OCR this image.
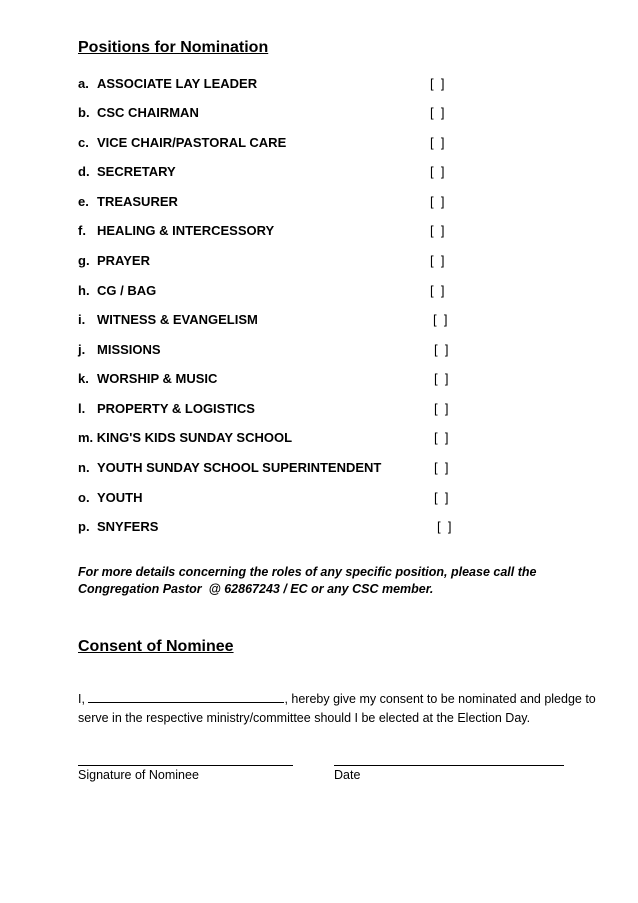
Positions for Nomination
a. ASSOCIATE LAY LEADER	[  ]
b. CSC CHAIRMAN	[  ]
c. VICE CHAIR/PASTORAL CARE	[  ]
d. SECRETARY	[  ]
e. TREASURER	[  ]
f. HEALING & INTERCESSORY	[  ]
g. PRAYER	[  ]
h. CG / BAG	[  ]
i. WITNESS & EVANGELISM	[  ]
j. MISSIONS	[  ]
k. WORSHIP & MUSIC	[  ]
l. PROPERTY & LOGISTICS	[  ]
m. KING'S KIDS SUNDAY SCHOOL	[  ]
n. YOUTH SUNDAY SCHOOL SUPERINTENDENT	[  ]
o. YOUTH	[  ]
p. SNYFERS	[  ]

For more details concerning the roles of any specific position, please call the
Congregation Pastor  @ 62867243 / EC or any CSC member.

Consent of Nominee

I,	, hereby give my consent to be nominated and pledge to serve in the respective ministry/committee should I be elected at the Election Day.

Signature of Nominee	Date
